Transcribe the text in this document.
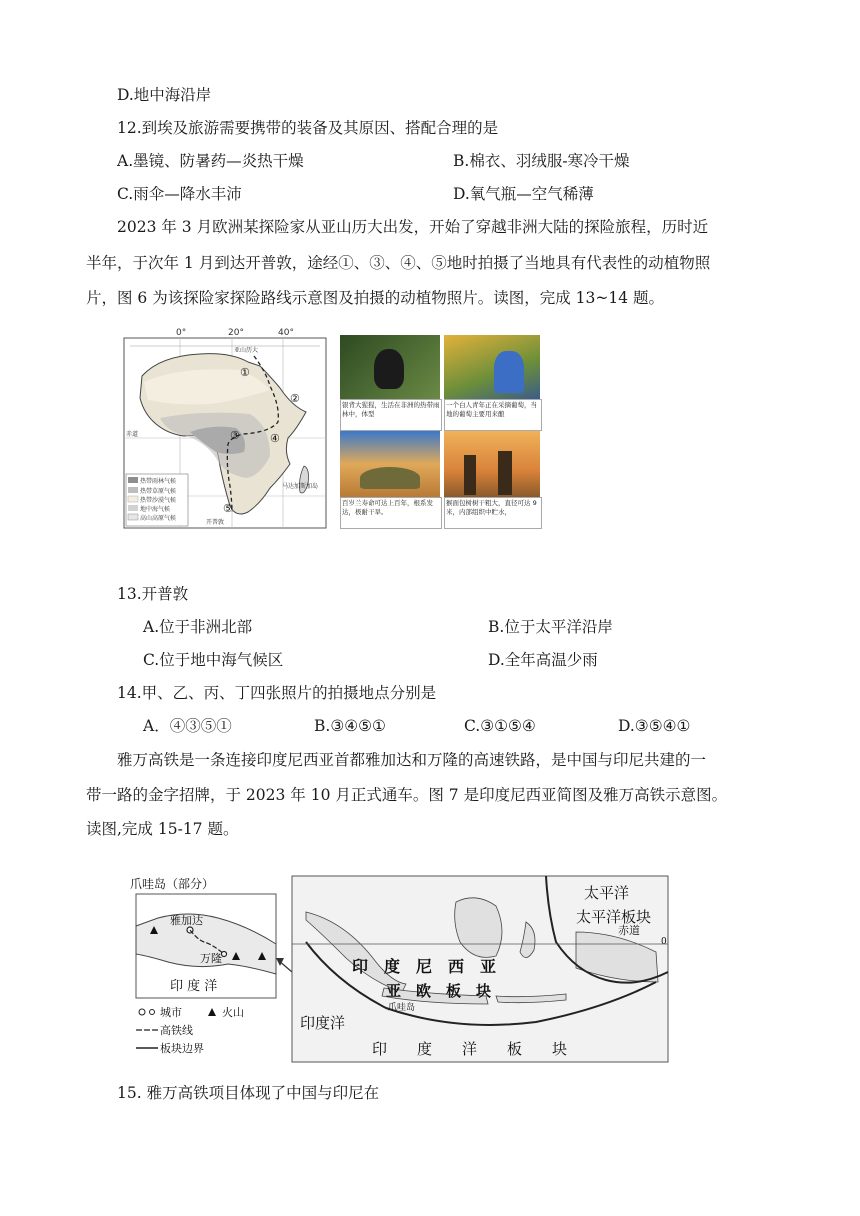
D.地中海沿岸
12.到埃及旅游需要携带的装备及其原因、搭配合理的是
A.墨镜、防暑药—炎热干燥	B.棉衣、羽绒服-寒冷干燥
C.雨伞—降水丰沛	D.氧气瓶—空气稀薄
2023 年 3 月欧洲某探险家从亚山历大出发，开始了穿越非洲大陆的探险旅程，历时近
半年，于次年 1 月到达开普敦，途经①、③、④、⑤地时拍摄了当地具有代表性的动植物照
片，图 6 为该探险家探险路线示意图及拍摄的动植物照片。读图，完成 13~14 题。
0°	20°	40°
①
②
③	④
⑤
赤道
开普敦
亚山历大
马达加斯加岛
热带雨林气候
热带草原气候
热带沙漠气候
地中海气候
高山高原气候
银背大猩猩，生活在非洲的热带雨林中，体型
一个白人青年正在采摘葡萄，当地的葡萄主要用来酿
百岁兰寿命可达上百年，根系发达，极耐干旱。
猴面包树树干粗大，直径可达 9 米，内部组织中贮水，
13.开普敦
A.位于非洲北部	B.位于太平洋沿岸
C.位于地中海气候区	D.全年高温少雨
14.甲、乙、丙、丁四张照片的拍摄地点分别是
A．④③⑤①	B.③④⑤①	C.③①⑤④	D.③⑤④①
雅万高铁是一条连接印度尼西亚首都雅加达和万隆的高速铁路，是中国与印尼共建的一
带一路的金字招牌，于 2023 年 10 月正式通车。图 7 是印度尼西亚简图及雅万高铁示意图。
读图,完成 15-17 题。
爪哇岛（部分）
雅加达
万隆
印 度 洋
城市	火山
高铁线
板块边界
赤道
0
太平洋
太平洋板块
印　度　尼　西　亚
亚　欧　板　块
爪哇岛
印度洋
印　　度　　洋　　板　　块
15. 雅万高铁项目体现了中国与印尼在
